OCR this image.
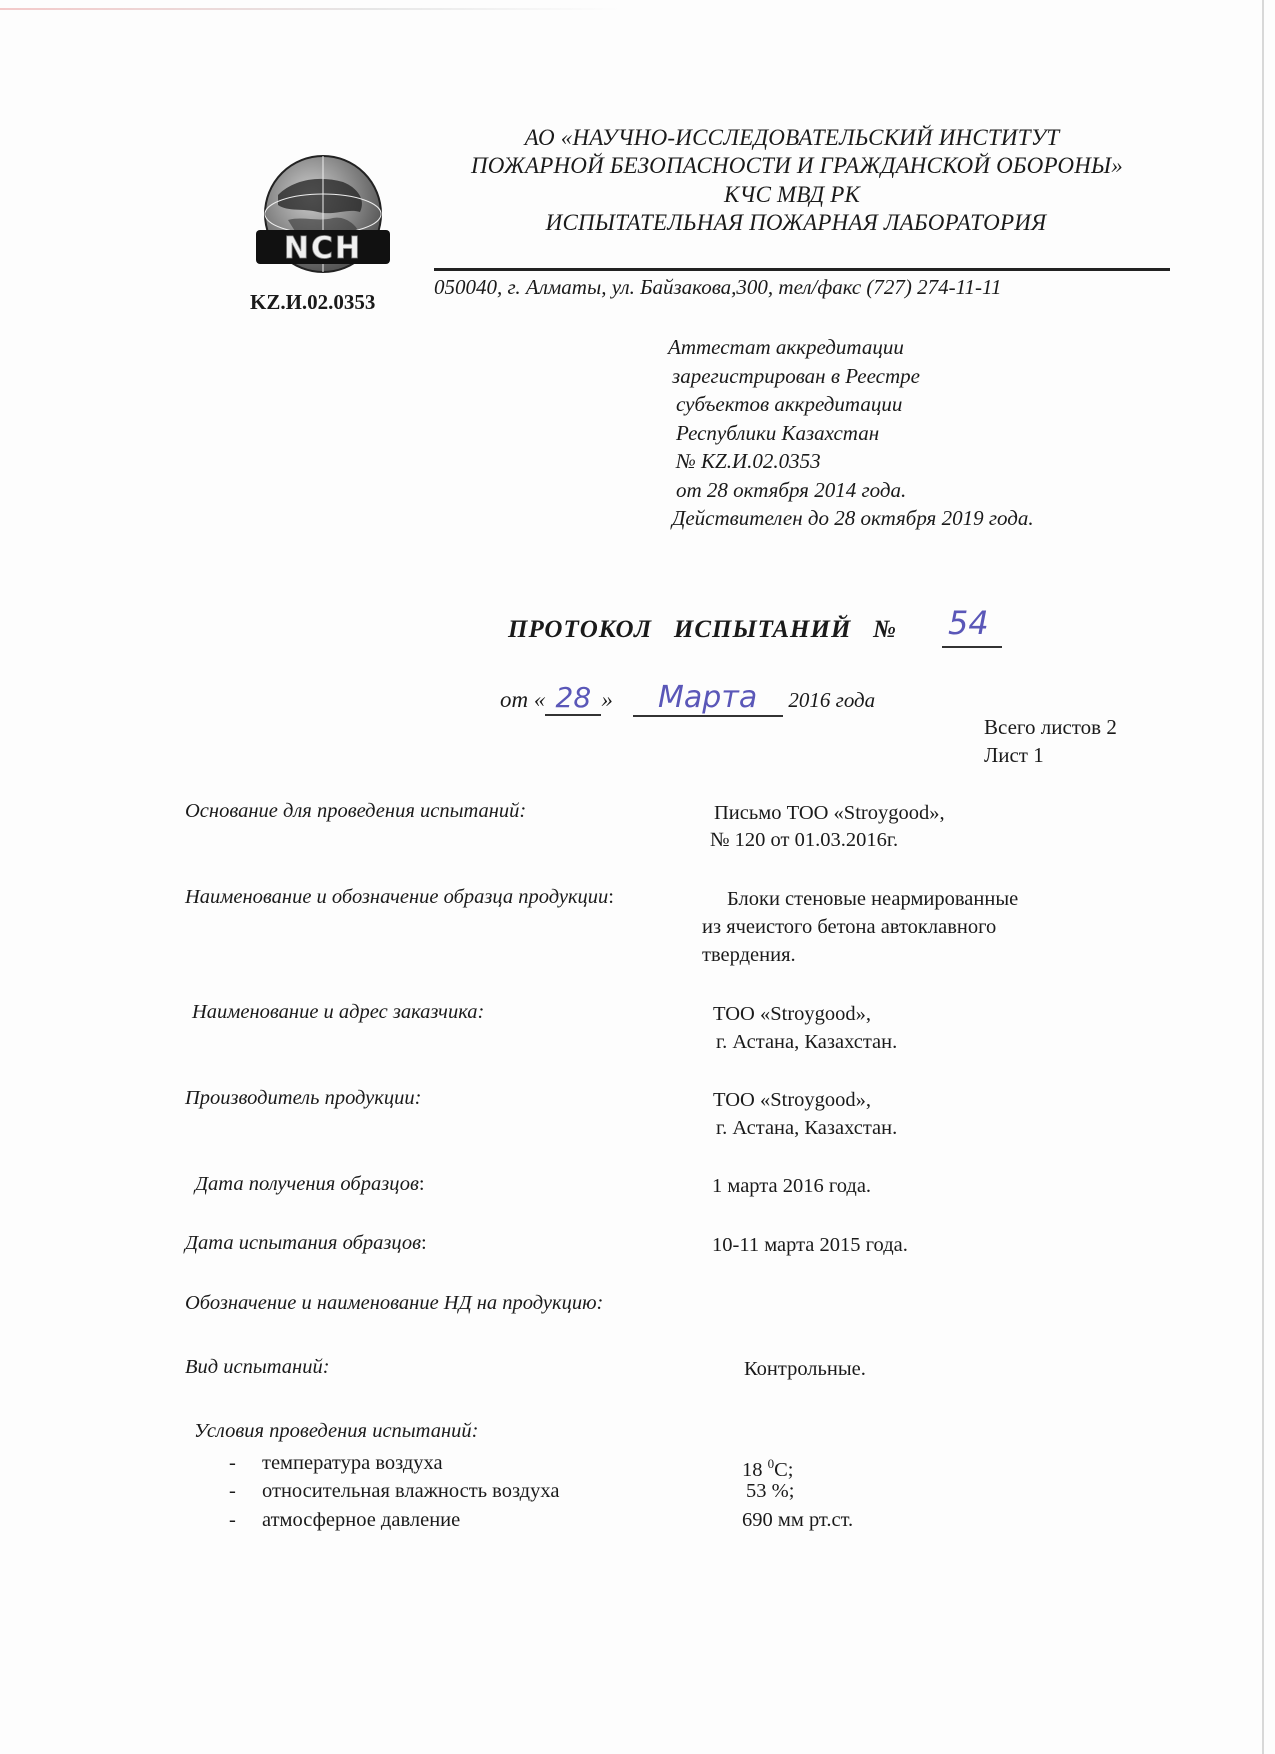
NCH
KZ.И.02.0353
АО «НАУЧНО-ИССЛЕДОВАТЕЛЬСКИЙ ИНСТИТУТ
ПОЖАРНОЙ БЕЗОПАСНОСТИ И ГРАЖДАНСКОЙ ОБОРОНЫ»
КЧС МВД РК
ИСПЫТАТЕЛЬНАЯ ПОЖАРНАЯ ЛАБОРАТОРИЯ
050040, г. Алматы, ул. Байзакова,300, тел/факс (727) 274-11-11
Аттестат аккредитации
зарегистрирован в Реестре
субъектов аккредитации
Республики Казахстан
№ KZ.И.02.0353
от 28 октября 2014 года.
Действителен до 28 октября 2019 года.
ПРОТОКОЛ   ИСПЫТАНИЙ   № 54
от « 28 » Марта 2016 года
Всего листов 2
Лист 1
Основание для проведения испытаний:	Письмо ТОО «Stroygood»,
№ 120 от 01.03.2016г.
Наименование и обозначение образца продукции:	Блоки стеновые неармированные
из ячеистого бетона автоклавного
твердения.
Наименование и адрес заказчика:	ТОО «Stroygood»,
г. Астана, Казахстан.
Производитель продукции:	ТОО «Stroygood»,
г. Астана, Казахстан.
Дата получения образцов:	1 марта 2016 года.
Дата испытания образцов:	10-11 марта 2015 года.
Обозначение и наименование НД на продукцию:
Вид испытаний:	Контрольные.
Условия проведения испытаний:
- температура воздуха	18 $^0$С;
- относительная влажность воздуха	53 %;
- атмосферное давление	690 мм рт.ст.
